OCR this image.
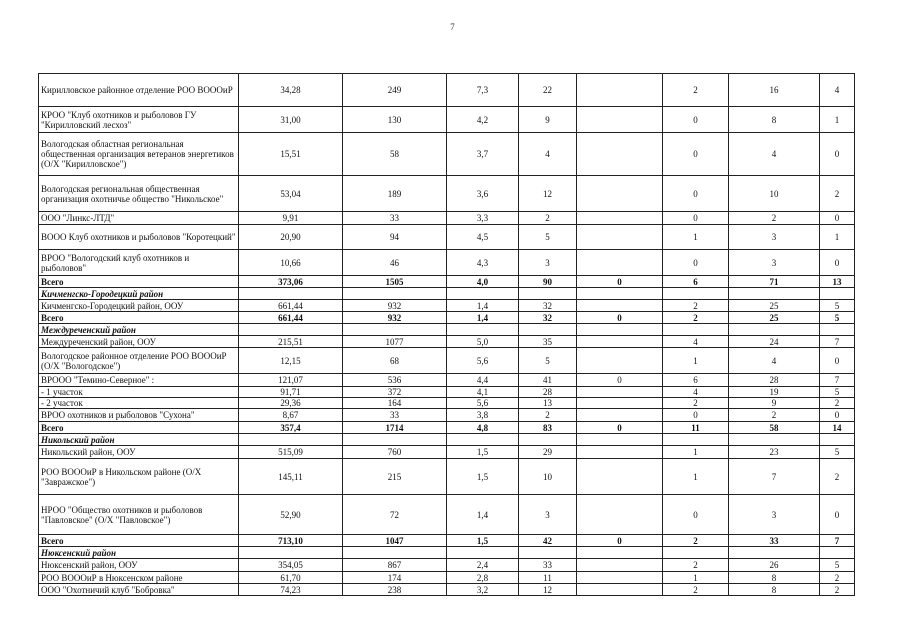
7
Кирилловское районное отделение РОО ВОООиР	34,28	249	7,3	22		2	16	4
КРОО "Клуб охотников и рыболовов ГУ "Кирилловский лесхоз"	31,00	130	4,2	9		0	8	1
Вологодская областная региональная общественная организация ветеранов энергетиков (О/Х "Кирилловское")	15,51	58	3,7	4		0	4	0
Вологодская региональная общественная организация охотничье общество "Никольское"	53,04	189	3,6	12		0	10	2
ООО "Линкс-ЛТД"	9,91	33	3,3	2		0	2	0
ВООО Клуб охотников и рыболовов "Коротецкий"	20,90	94	4,5	5		1	3	1
ВРОО "Вологодский клуб охотников и рыболовов"	10,66	46	4,3	3		0	3	0
Всего	373,06	1505	4,0	90	0	6	71	13
Кичменгско-Городецкий район								
Кичменгско-Городецкий район, ООУ	661,44	932	1,4	32		2	25	5
Всего	661,44	932	1,4	32	0	2	25	5
Междуреченский район								
Междуреченский район, ООУ	215,51	1077	5,0	35		4	24	7
Вологодское районное отделение РОО ВОООиР (О/Х "Вологодское")	12,15	68	5,6	5		1	4	0
ВРООО "Темино-Северное" :	121,07	536	4,4	41	0	6	28	7
- 1 участок	91,71	372	4,1	28		4	19	5
- 2 участок	29,36	164	5,6	13		2	9	2
ВРОО охотников и рыболовов "Сухона"	8,67	33	3,8	2		0	2	0
Всего	357,4	1714	4,8	83	0	11	58	14
Никольский район								
Никольский район, ООУ	515,09	760	1,5	29		1	23	5
РОО ВОООиР в Никольском районе (О/Х "Завражское")	145,11	215	1,5	10		1	7	2
НРОО "Общество охотников и рыболовов "Павловское" (О/Х "Павловское")	52,90	72	1,4	3		0	3	0
Всего	713,10	1047	1,5	42	0	2	33	7
Нюксенский район								
Нюксенский район, ООУ	354,05	867	2,4	33		2	26	5
РОО ВОООиР в Нюксенском районе	61,70	174	2,8	11		1	8	2
ООО "Охотничий клуб "Бобровка"	74,23	238	3,2	12		2	8	2
